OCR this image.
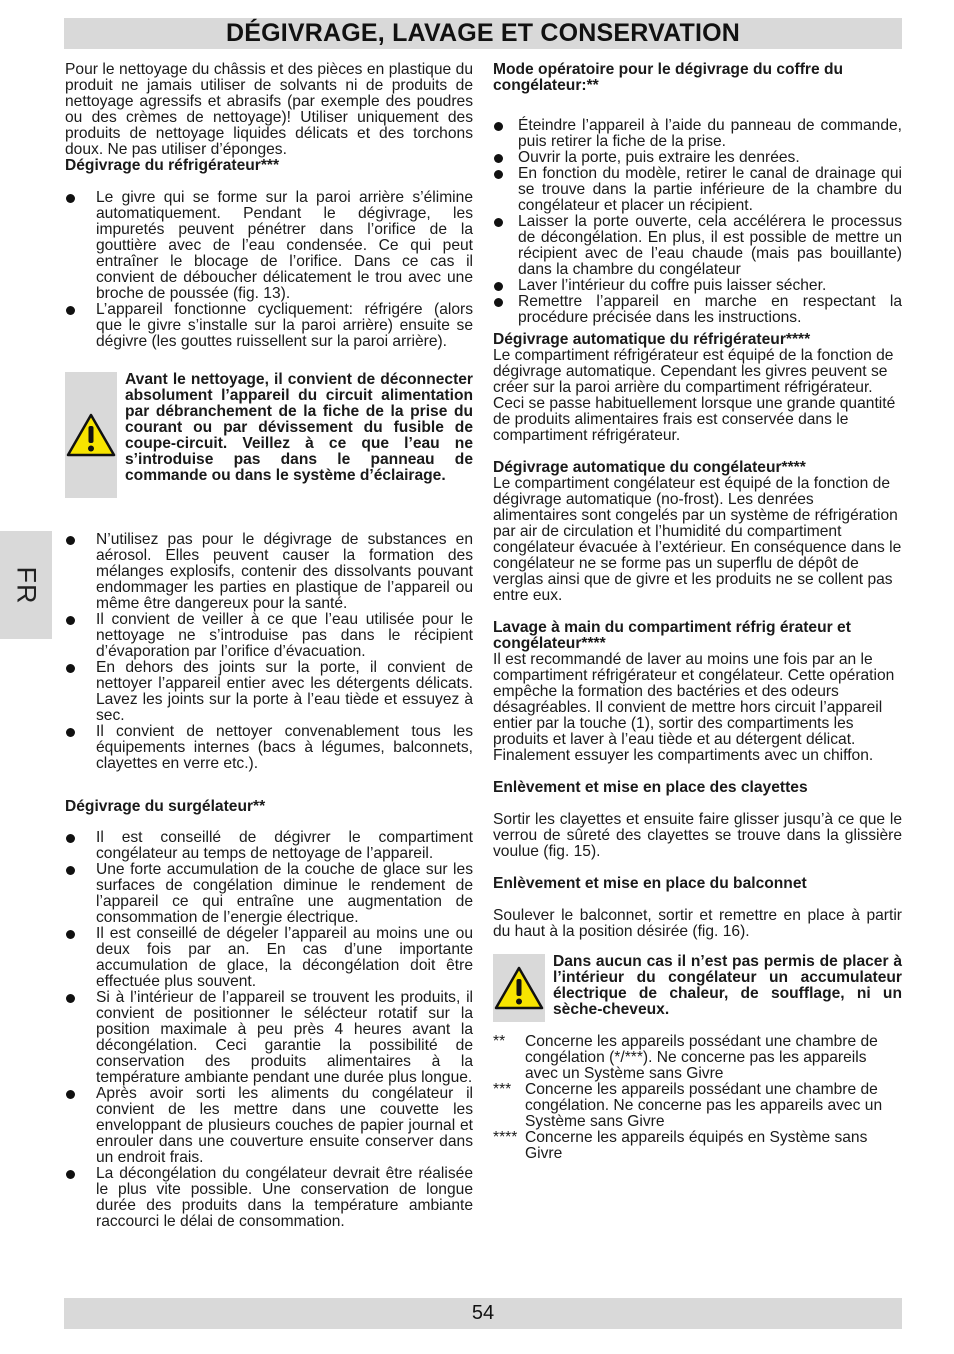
DÉGIVRAGE, LAVAGE ET CONSERVATION
FR

Pour le nettoyage du châssis et des pièces en plastique du produit ne jamais utiliser de solvants ni de produits de nettoyage agressifs et abrasifs (par exemple des poudres ou des crèmes de nettoyage)! Utiliser uniquement des produits de nettoyage liquides délicats et des torchons doux. Ne pas utiliser d’éponges.

Dégivrage du réfrigérateur***

Le givre qui se forme sur la paroi arrière s’élimine automatiquement. Pendant le dégivrage, les impuretés peuvent pénétrer dans l’orifice de la gouttière avec de l’eau condensée. Ce qui peut entraîner le blocage de l’orifice. Dans ce cas il convient de déboucher délicatement le trou avec une broche de poussée (fig. 13).
L’appareil fonctionne cycliquement: réfrigére (alors que le givre s’installe sur la paroi arrière) ensuite se dégivre (les gouttes ruissellent sur la paroi arrière).

Avant le nettoyage, il convient de déconnecter absolument l’appareil du circuit alimentation par débranchement de la fiche de la prise du courant ou par dévissement du fusible de coupe-circuit. Veillez à ce que l’eau ne s’introduise pas dans le panneau de commande ou dans le système d’éclairage.

N’utilisez pas pour le dégivrage de substances en aérosol. Elles peuvent causer la formation des mélanges explosifs, contenir des dissolvants pouvant endommager les parties en plastique de l’appareil ou même être dangereux pour la santé.
Il convient de veiller à ce que l’eau utilisée pour le nettoyage ne s’introduise pas dans le récipient d’évaporation par l’orifice d’évacuation.
En dehors des joints sur la porte, il convient de nettoyer l’appareil entier avec les détergents délicats. Lavez les joints sur la porte à l’eau tiède et essuyez à sec.
Il convient de nettoyer convenablement tous les équipements internes (bacs à légumes, balconnets, clayettes en verre etc.).

Dégivrage du surgélateur**

Il est conseillé de dégivrer le compartiment congélateur au temps de nettoyage de l’appareil.
Une forte accumulation de la couche de glace sur les surfaces de congélation diminue le rendement de l’appareil ce qui entraîne une augmentation de consommation de l’energie électrique.
Il est conseillé de dégeler l’appareil au moins une ou deux fois par an. En cas d’une importante accumulation de glace, la décongélation doit être effectuée plus souvent.
Si à l’intérieur de l’appareil se trouvent les produits, il convient de positionner le sélécteur rotatif sur la position maximale à peu près 4 heures avant la décongélation. Ceci garantie la possibilité de conservation des produits alimentaires à la température ambiante pendant une durée plus longue.
Après avoir sorti les aliments du congélateur il convient de les mettre dans une couvette les enveloppant de plusieurs couches de papier journal et enrouler dans une couverture ensuite conserver dans un endroit frais.
La décongélation du congélateur devrait être réalisée le plus vite possible. Une conservation de longue durée des produits dans la température ambiante raccourci le délai de consommation.

Mode opératoire pour le dégivrage du coffre du congélateur:**

Éteindre l’appareil à l’aide du panneau de commande, puis retirer la fiche de la prise.
Ouvrir la porte, puis extraire les denrées.
En fonction du modèle, retirer le canal de drainage qui se trouve dans la partie inférieure de la chambre du congélateur et placer un récipient.
Laisser la porte ouverte, cela accélérera le processus de décongélation. En plus, il est possible de mettre un récipient avec de l’eau chaude (mais pas bouillante) dans la chambre du congélateur
Laver l’intérieur du coffre puis laisser sécher.
Remettre l’appareil en marche en respectant la procédure précisée dans les instructions.

Dégivrage automatique du réfrigérateur****

Le compartiment réfrigérateur est équipé de la fonction de dégivrage automatique. Cependant les givres peuvent se créer sur la paroi arrière du compartiment réfrigérateur. Ceci se passe habituellement lorsque une grande quantité de produits alimentaires frais est conservée dans le compartiment réfrigérateur.

Dégivrage automatique du congélateur****

Le compartiment congélateur est équipé de la fonction de dégivrage automatique (no-frost). Les denrées alimentaires sont congelés par un système de réfrigération par air de circulation et l’humidité du compartiment congélateur évacuée à l’extérieur. En conséquence dans le congélateur ne se forme pas un superflu de dépôt de verglas ainsi que de givre et les produits ne se collent pas entre eux.

Lavage à main du compartiment réfrig érateur et congélateur****

Il est recommandé de laver au moins une fois par an le compartiment réfrigérateur et congélateur. Cette opération empêche la formation des bactéries et des odeurs désagréables. Il convient de mettre hors circuit l’appareil entier par la touche (1), sortir des compartiments les produits et laver à l’eau tiède et au détergent délicat. Finalement essuyer les compartiments avec un chiffon.

Enlèvement et mise en place des clayettes

Sortir les clayettes et ensuite faire glisser jusqu’à ce que le verrou de sûreté des clayettes se trouve dans la glissière voulue (fig. 15).

Enlèvement et mise en place du balconnet

Soulever le balconnet, sortir et remettre en place à partir du haut à la position désirée (fig. 16).

Dans aucun cas il n’est pas permis de placer à l’intérieur du congélateur un accumulateur électrique de chaleur, de soufflage, ni un sèche-cheveux.

**	Concerne les appareils possédant une chambre de congélation (*/***). Ne concerne pas les appareils avec un Système sans Givre
*** Concerne les appareils possédant une chambre de congélation. Ne concerne pas les appareils avec un Système sans Givre
**** Concerne les appareils équipés en Système sans Givre
54
